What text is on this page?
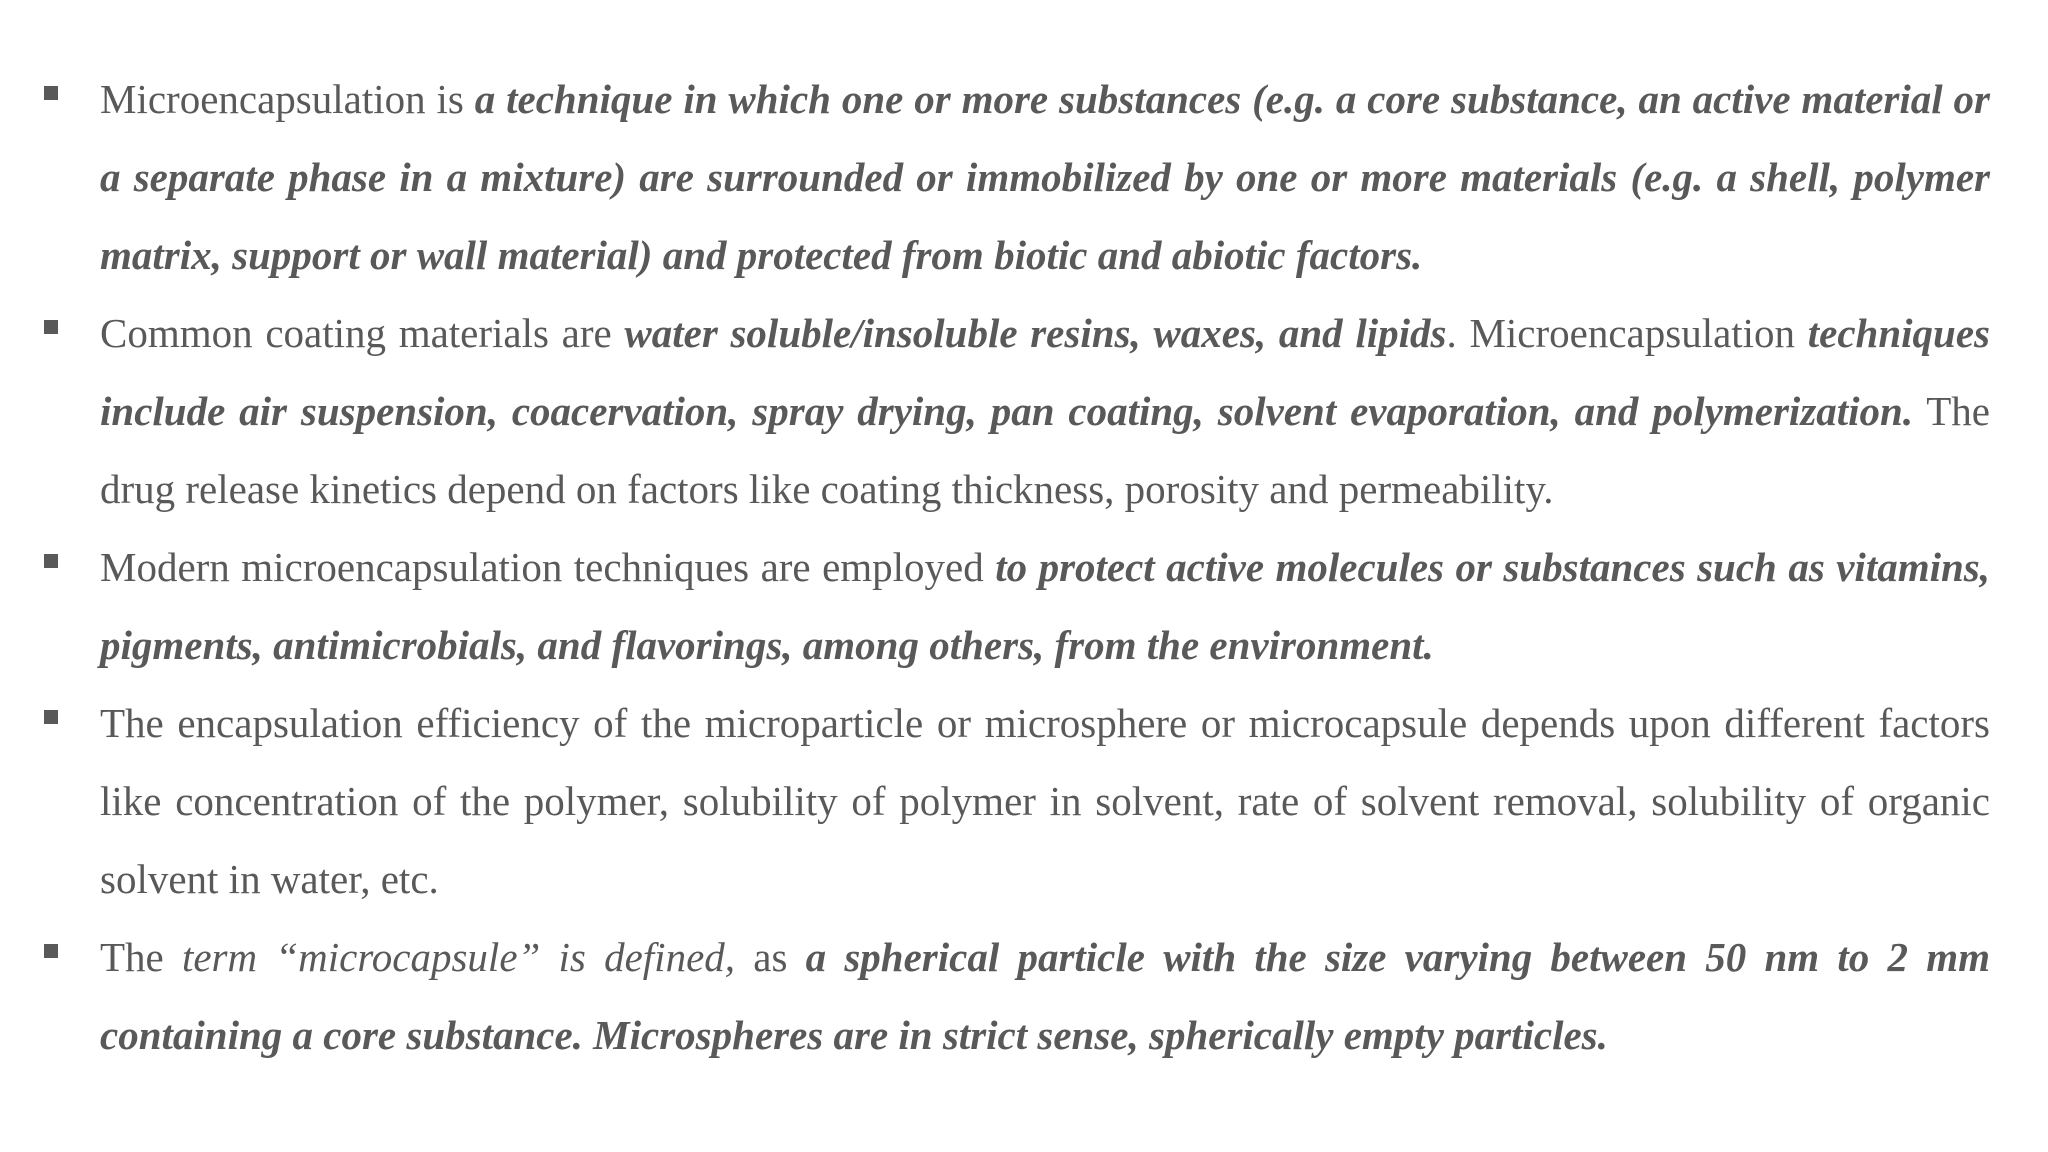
Microencapsulation is a technique in which one or more substances (e.g. a core substance, an active material or a separate phase in a mixture) are surrounded or immobilized by one or more materials (e.g. a shell, polymer matrix, support or wall material) and protected from biotic and abiotic factors.
Common coating materials are water soluble/insoluble resins, waxes, and lipids. Microencapsulation techniques include air suspension, coacervation, spray drying, pan coating, solvent evaporation, and polymerization. The drug release kinetics depend on factors like coating thickness, porosity and permeability.
Modern microencapsulation techniques are employed to protect active molecules or substances such as vitamins, pigments, antimicrobials, and flavorings, among others, from the environment.
The encapsulation efficiency of the microparticle or microsphere or microcapsule depends upon different factors like concentration of the polymer, solubility of polymer in solvent, rate of solvent removal, solubility of organic solvent in water, etc.
The term “microcapsule” is defined, as a spherical particle with the size varying between 50 nm to 2 mm containing a core substance. Microspheres are in strict sense, spherically empty particles.
